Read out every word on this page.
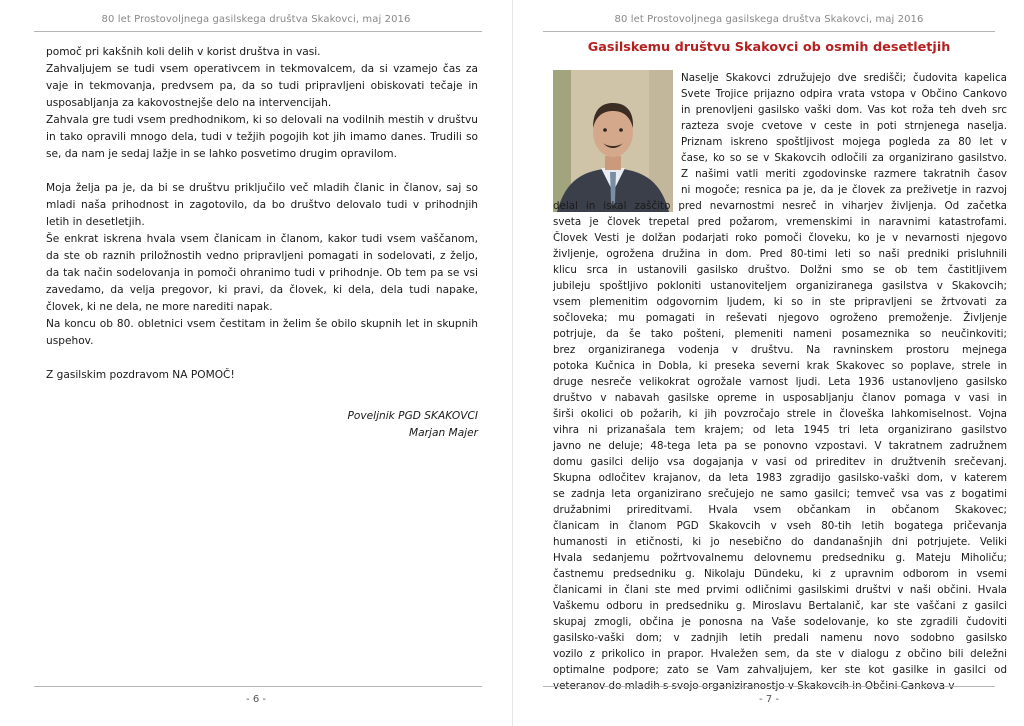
80 let Prostovoljnega gasilskega društva Skakovci, maj 2016

pomoč pri kakšnih koli delih v korist društva in vasi.

Zahvaljujem se tudi vsem operativcem in tekmovalcem, da si vzamejo čas za vaje in tekmovanja, predvsem pa, da so tudi pripravljeni obiskovati tečaje in usposabljanja za kakovostnejše delo na intervencijah.

Zahvala gre tudi vsem predhodnikom, ki so delovali na vodilnih mestih v društvu in tako opravili mnogo dela, tudi v težjih pogojih kot jih imamo danes. Trudili so se, da nam je sedaj lažje in se lahko posvetimo drugim opravilom.

Moja želja pa je, da bi se društvu priključilo več mladih članic in članov, saj so mladi naša prihodnost in zagotovilo, da bo društvo delovalo tudi v prihodnjih letih in desetletjih.

Še enkrat iskrena hvala vsem članicam in članom, kakor tudi vsem vaščanom, da ste ob raznih priložnostih vedno pripravljeni pomagati in sodelovati, z željo, da tak način sodelovanja in pomoči ohranimo tudi v prihodnje. Ob tem pa se vsi zavedamo, da velja pregovor, ki pravi, da človek, ki dela, dela tudi napake, človek, ki ne dela, ne more narediti napak.

Na koncu ob 80. obletnici vsem čestitam in želim še obilo skupnih let in skupnih uspehov.

Z gasilskim pozdravom NA POMOČ!

Poveljnik PGD SKAKOVCI

Marjan Majer

- 6 -
80 let Prostovoljnega gasilskega društva Skakovci, maj 2016
Gasilskemu društvu Skakovci ob osmih desetletjih
Naselje Skakovci združujejo dve središči; čudovita kapelica
Svete Trojice prijazno odpira vrata vstopa v Občino Cankovo
in prenovljeni gasilsko vaški dom. Vas kot roža teh dveh src
razteza svoje cvetove v ceste in poti strnjenega naselja.
Priznam iskreno spoštljivost mojega pogleda za 80 let v
čase, ko so se v Skakovcih odločili za organizirano gasilstvo.
Z našimi vatli meriti zgodovinske razmere takratnih časov
ni mogoče; resnica pa je, da je človek za preživetje in razvoj
delal in iskal zaščito pred nevarnostmi nesreč in viharjev življenja. Od začetka
sveta je človek trepetal pred požarom, vremenskimi in naravnimi katastrofami.
Človek Vesti je dolžan podarjati roko pomoči človeku, ko je v nevarnosti njegovo
življenje, ogrožena družina in dom. Pred 80-timi leti so naši predniki prisluhnili
klicu srca in ustanovili gasilsko društvo. Dolžni smo se ob tem častitljivem
jubileju spoštljivo pokloniti ustanoviteljem organiziranega gasilstva v Skakovcih;
vsem plemenitim odgovornim ljudem, ki so in ste pripravljeni se žrtvovati za
sočloveka; mu pomagati in reševati njegovo ogroženo premoženje. Življenje
potrjuje, da še tako pošteni, plemeniti nameni posameznika so neučinkoviti;
brez organiziranega vodenja v društvu. Na ravninskem prostoru mejnega
potoka Kučnica in Dobla, ki preseka severni krak Skakovec so poplave, strele in
druge nesreče velikokrat ogrožale varnost ljudi. Leta 1936 ustanovljeno gasilsko
društvo v nabavah gasilske opreme in usposabljanju članov pomaga v vasi in
širši okolici ob požarih, ki jih povzročajo strele in človeška lahkomiselnost. Vojna
vihra ni prizanašala tem krajem; od leta 1945 tri leta organizirano gasilstvo
javno ne deluje; 48-tega leta pa se ponovno vzpostavi. V takratnem zadružnem
domu gasilci delijo vsa dogajanja v vasi od prireditev in družtvenih srečevanj.
Skupna odločitev krajanov, da leta 1983 zgradijo gasilsko-vaški dom, v katerem
se zadnja leta organizirano srečujejo ne samo gasilci; temveč vsa vas z bogatimi
družabnimi prireditvami. Hvala vsem občankam in občanom Skakovec;
članicam in članom PGD Skakovcih v vseh 80-tih letih bogatega pričevanja
humanosti in etičnosti, ki jo nesebično do dandanašnjih dni potrjujete. Veliki
Hvala sedanjemu požrtvovalnemu delovnemu predsedniku g. Mateju Miholiču;
častnemu predsedniku g. Nikolaju Dündeku, ki z upravnim odborom in vsemi
članicami in člani ste med prvimi odličnimi gasilskimi društvi v naši občini. Hvala
Vaškemu odboru in predsedniku g. Miroslavu Bertalanič, kar ste vaščani z gasilci
skupaj zmogli, občina je ponosna na Vaše sodelovanje, ko ste zgradili čudoviti
gasilsko-vaški dom; v zadnjih letih predali namenu novo sodobno gasilsko
vozilo z prikolico in prapor. Hvaležen sem, da ste v dialogu z občino bili deležni
optimalne podpore; zato se Vam zahvaljujem, ker ste kot gasilke in gasilci od
veteranov do mladih s svojo organiziranostjo v Skakovcih in Občini Cankova v
- 7 -
